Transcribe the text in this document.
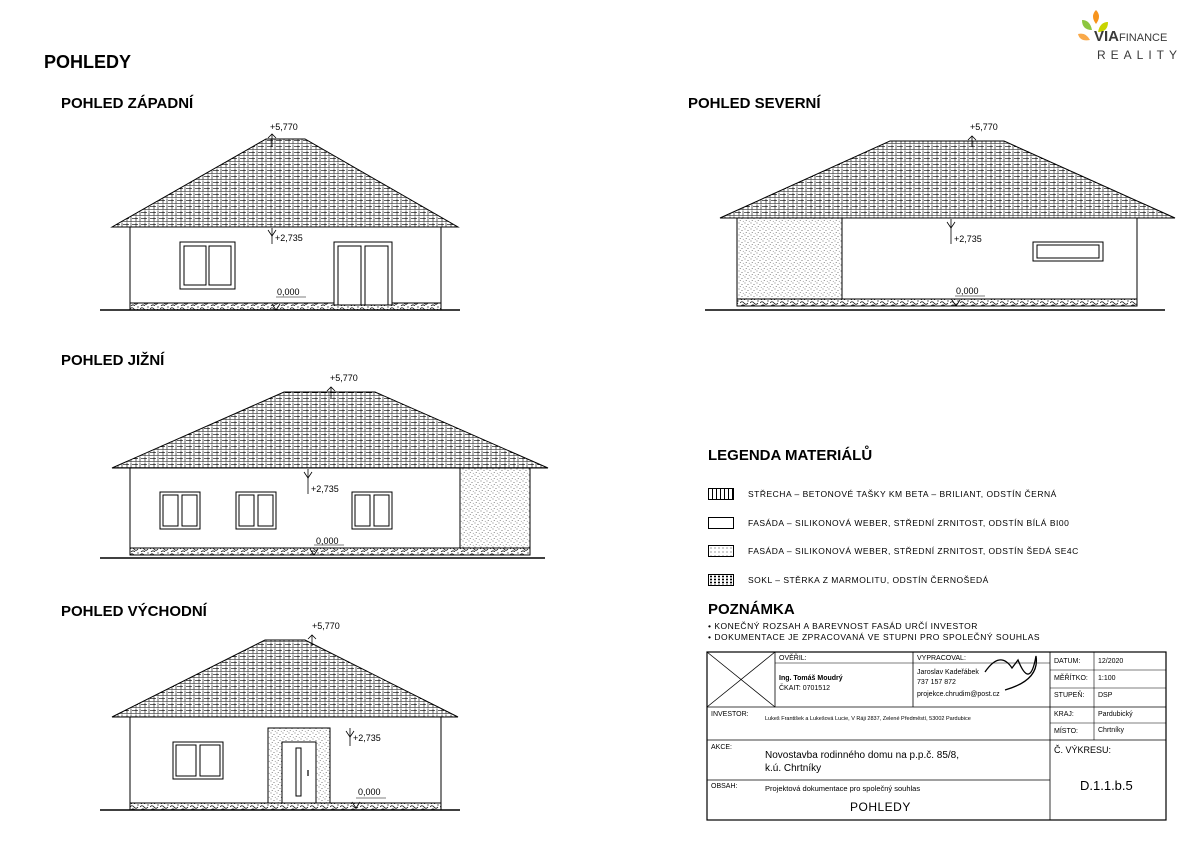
POHLEDY
VIAFINANCE
REALITY
POHLED ZÁPADNÍ
+5,770
+2,735
0,000
POHLED SEVERNÍ
+5,770
+2,735
0,000
POHLED JIŽNÍ
+5,770
+2,735
0,000
POHLED VÝCHODNÍ
+5,770
+2,735
0,000
LEGENDA MATERIÁLŮ
STŘECHA – BETONOVÉ TAŠKY KM BETA – BRILIANT, ODSTÍN ČERNÁ
FASÁDA – SILIKONOVÁ WEBER, STŘEDNÍ ZRNITOST, ODSTÍN BÍLÁ BI00
FASÁDA – SILIKONOVÁ WEBER, STŘEDNÍ ZRNITOST, ODSTÍN ŠEDÁ SE4C
SOKL – STĚRKA Z MARMOLITU, ODSTÍN ČERNOŠEDÁ
POZNÁMKA
• KONEČNÝ ROZSAH A BAREVNOST FASÁD URČÍ INVESTOR
• DOKUMENTACE JE ZPRACOVANÁ VE STUPNI PRO SPOLEČNÝ SOUHLAS
OVĚŘIL:
Ing. Tomáš Moudrý
ČKAIT: 0701512
VYPRACOVAL:
Jaroslav Kadeřábek
737 157 872
projekce.chrudim@post.cz
DATUM:	12/2020
MĚŘÍTKO: 1:100
STUPEŇ: DSP
INVESTOR:
Lukeš František a Lukešová Lucie, V Ráji 2837, Zelené Předměstí, 53002 Pardubice
KRAJ:	Pardubický
MÍSTO:	Chrtníky
AKCE:
Novostavba rodinného domu na p.p.č. 85/8,
k.ú. Chrtníky
Č. VÝKRESU:
D.1.1.b.5
OBSAH:	Projektová dokumentace pro společný souhlas
POHLEDY
